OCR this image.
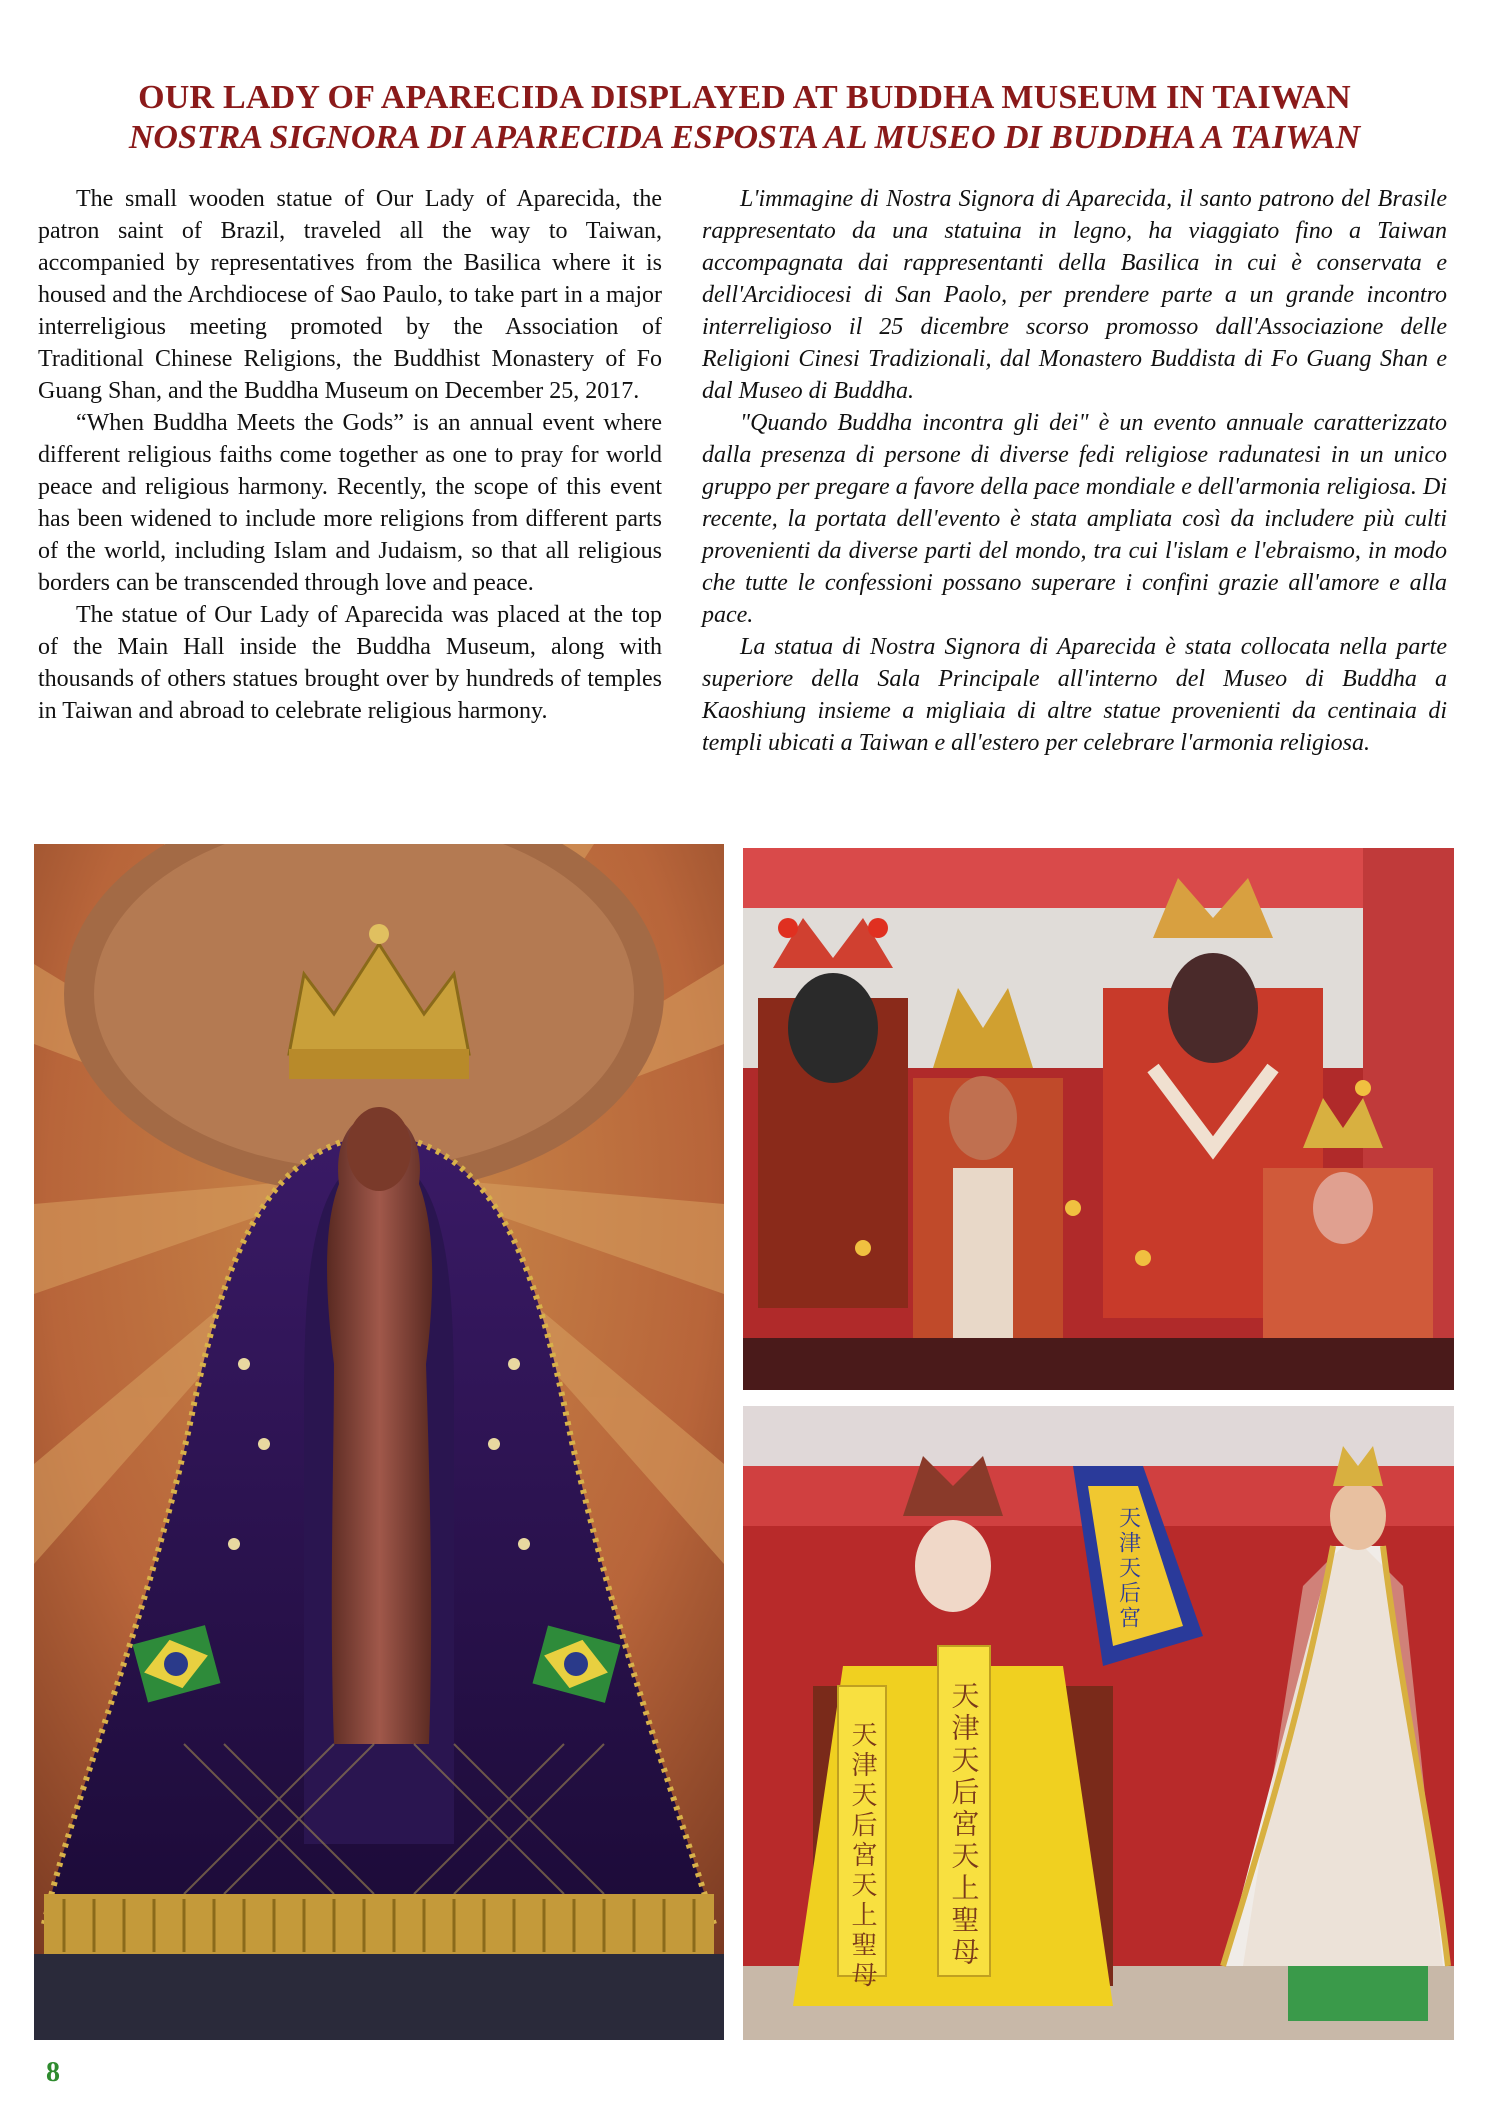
OUR LADY OF APARECIDA DISPLAYED AT BUDDHA MUSEUM IN TAIWAN
NOSTRA SIGNORA DI APARECIDA ESPOSTA AL MUSEO DI BUDDHA A TAIWAN

The small wooden statue of Our Lady of Aparecida, the patron saint of Brazil, traveled all the way to Taiwan, accompanied by representatives from the Basilica where it is housed and the Archdiocese of Sao Paulo, to take part in a major interreligious meeting promoted by the Association of Traditional Chinese Religions, the Buddhist Monastery of Fo Guang Shan, and the Buddha Museum on December 25, 2017.

“When Buddha Meets the Gods” is an annual event where different religious faiths come together as one to pray for world peace and religious harmony. Recently, the scope of this event has been widened to include more religions from different parts of the world, including Islam and Judaism, so that all religious borders can be transcended through love and peace.

The statue of Our Lady of Aparecida was placed at the top of the Main Hall inside the Buddha Museum, along with thousands of others statues brought over by hundreds of temples in Taiwan and abroad to celebrate religious harmony.

L'immagine di Nostra Signora di Aparecida, il santo patrono del Brasile rappresentato da una statuina in legno, ha viaggiato fino a Taiwan accompagnata dai rappresentanti della Basilica in cui è conservata e dell'Arcidiocesi di San Paolo, per prendere parte a un grande incontro interreligioso il 25 dicembre scorso promosso dall'Associazione delle Religioni Cinesi Tradizionali, dal Monastero Buddista di Fo Guang Shan e dal Museo di Buddha.

"Quando Buddha incontra gli dei" è un evento annuale caratterizzato dalla presenza di persone di diverse fedi religiose radunatesi in un unico gruppo per pregare a favore della pace mondiale e dell'armonia religiosa. Di recente, la portata dell'evento è stata ampliata così da includere più culti provenienti da diverse parti del mondo, tra cui l'islam e l'ebraismo, in modo che tutte le confessioni possano superare i confini grazie all'amore e alla pace.

La statua di Nostra Signora di Aparecida è stata collocata nella parte superiore della Sala Principale all'interno del Museo di Buddha a Kaoshiung insieme a migliaia di altre statue provenienti da centinaia di templi ubicati a Taiwan e all'estero per celebrare l'armonia religiosa.

天津天后宮天上聖母	天津天后宮天上聖母
天津天后宮
8
